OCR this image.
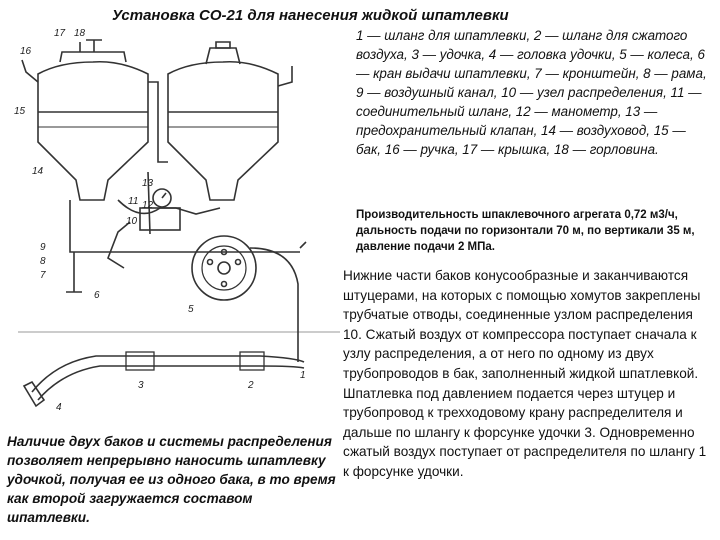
Установка СО-21 для нанесения жидкой шпатлевки
17 18
16
15
14
13
12
11
10
9
8
7
6
5
3	2
1
4
1 — шланг для шпатлевки, 2 — шланг для сжатого воздуха, 3 — удочка, 4 — головка удочки, 5 — колеса, 6 — кран выдачи шпатлевки, 7 — кронштейн, 8 — рама, 9 — воздушный канал, 10 — узел распределения, 11 — соединительный шланг, 12 — манометр, 13 — предохранительный клапан, 14 — воздуховод, 15 — бак, 16 — ручка, 17 — крышка, 18 — горловина.
Производительность шпаклевочного агрегата 0,72 м3/ч, дальность подачи по горизонтали 70 м, по вертикали 35 м, давление подачи 2 МПа.
Нижние части баков конусообразные и заканчиваются штуцерами, на которых с помощью хомутов закреплены трубчатые отводы, соединенные узлом распределения 10. Сжатый воздух от компрессора поступает сначала к узлу распределения, а от него по одному из двух трубопроводов в бак, заполненный жидкой шпатлевкой. Шпатлевка под давлением подается через штуцер и трубопровод к трехходовому крану распределителя и дальше по шлангу к форсунке удочки 3. Одновременно сжатый воздух поступает от распределителя по шлангу 1 к форсунке удочки.
Наличие двух баков и системы распределения позволяет непрерывно наносить шпатлевку удочкой, получая ее из одного бака, в то время как второй загружается составом шпатлевки.
